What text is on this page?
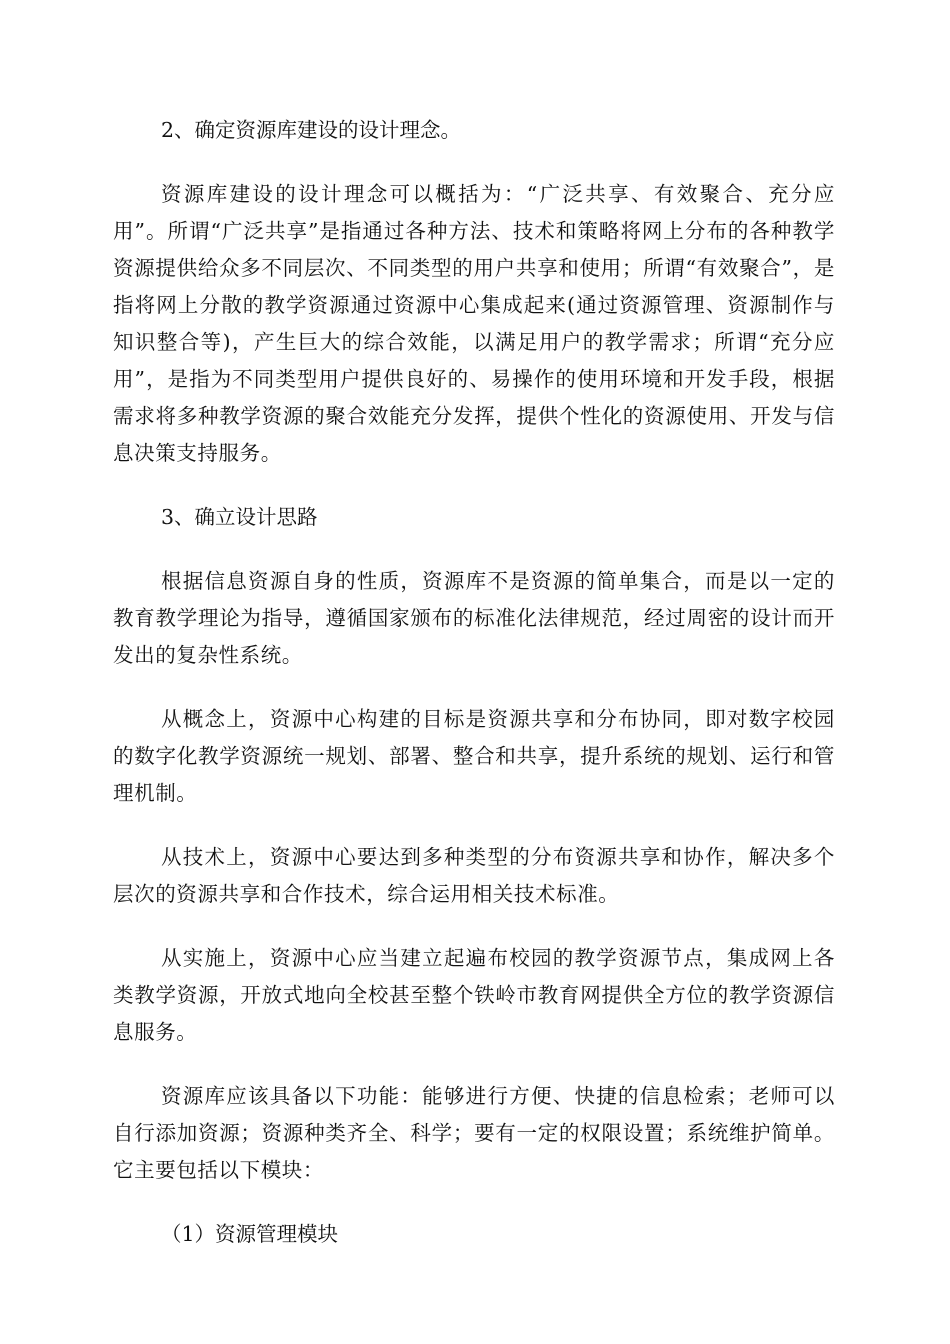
2、确定资源库建设的设计理念。

资源库建设的设计理念可以概括为：“广泛共享、有效聚合、充分应用”。所谓“广泛共享”是指通过各种方法、技术和策略将网上分布的各种教学资源提供给众多不同层次、不同类型的用户共享和使用；所谓“有效聚合”，是指将网上分散的教学资源通过资源中心集成起来(通过资源管理、资源制作与知识整合等)，产生巨大的综合效能，以满足用户的教学需求；所谓“充分应用”，是指为不同类型用户提供良好的、易操作的使用环境和开发手段，根据需求将多种教学资源的聚合效能充分发挥，提供个性化的资源使用、开发与信息决策支持服务。

3、确立设计思路

根据信息资源自身的性质，资源库不是资源的简单集合，而是以一定的教育教学理论为指导，遵循国家颁布的标准化法律规范，经过周密的设计而开发出的复杂性系统。

从概念上，资源中心构建的目标是资源共享和分布协同，即对数字校园的数字化教学资源统一规划、部署、整合和共享，提升系统的规划、运行和管理机制。

从技术上，资源中心要达到多种类型的分布资源共享和协作，解决多个层次的资源共享和合作技术，综合运用相关技术标准。

从实施上，资源中心应当建立起遍布校园的教学资源节点，集成网上各类教学资源，开放式地向全校甚至整个铁岭市教育网提供全方位的教学资源信息服务。

资源库应该具备以下功能：能够进行方便、快捷的信息检索；老师可以自行添加资源；资源种类齐全、科学；要有一定的权限设置；系统维护简单。它主要包括以下模块：

（1）资源管理模块
